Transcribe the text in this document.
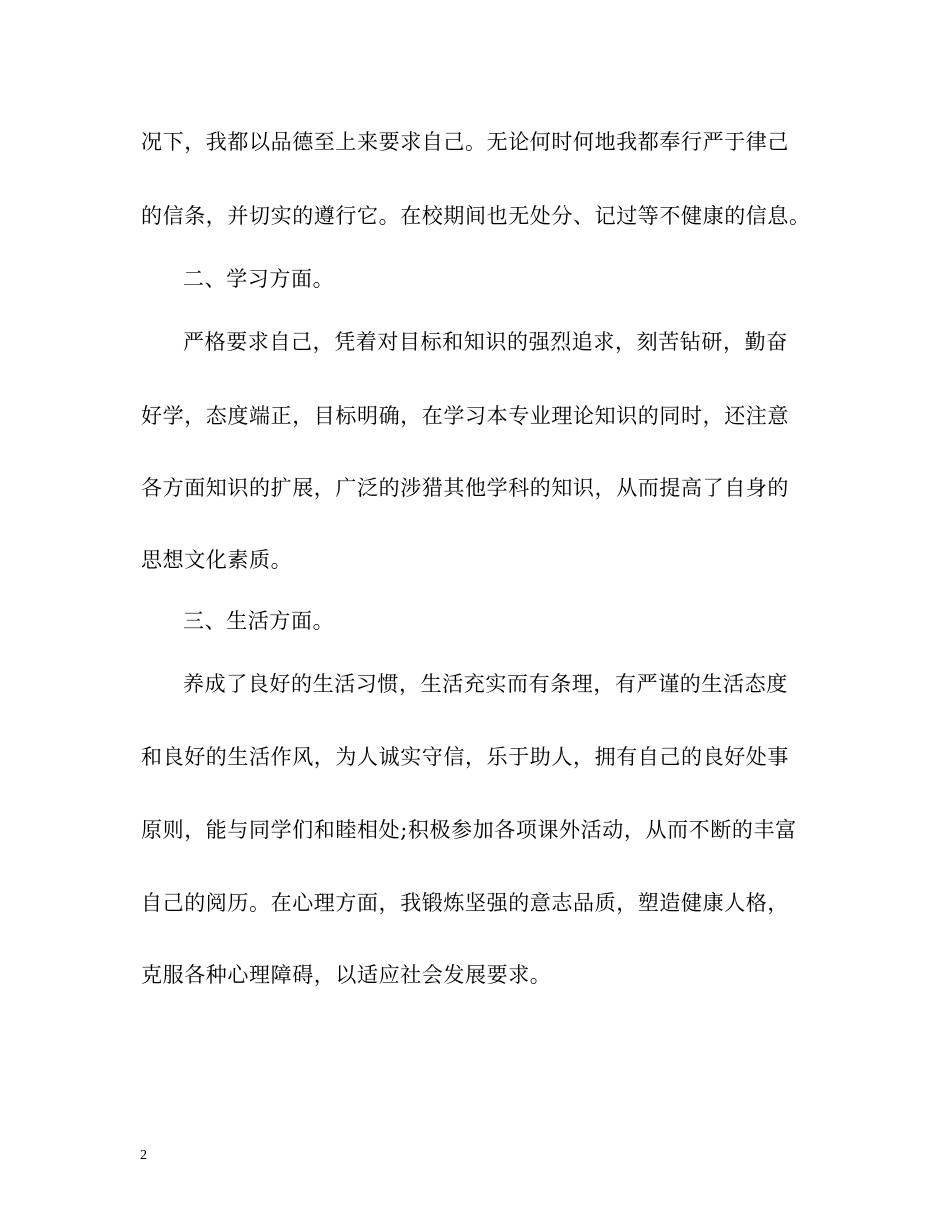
况下，我都以品德至上来要求自己。无论何时何地我都奉行严于律己

的信条，并切实的遵行它。在校期间也无处分、记过等不健康的信息。

二、学习方面。

严格要求自己，凭着对目标和知识的强烈追求，刻苦钻研，勤奋

好学，态度端正，目标明确，在学习本专业理论知识的同时，还注意

各方面知识的扩展，广泛的涉猎其他学科的知识，从而提高了自身的

思想文化素质。

三、生活方面。

养成了良好的生活习惯，生活充实而有条理，有严谨的生活态度

和良好的生活作风，为人诚实守信，乐于助人，拥有自己的良好处事

原则，能与同学们和睦相处;积极参加各项课外活动，从而不断的丰富

自己的阅历。在心理方面，我锻炼坚强的意志品质，塑造健康人格，

克服各种心理障碍，以适应社会发展要求。

2
